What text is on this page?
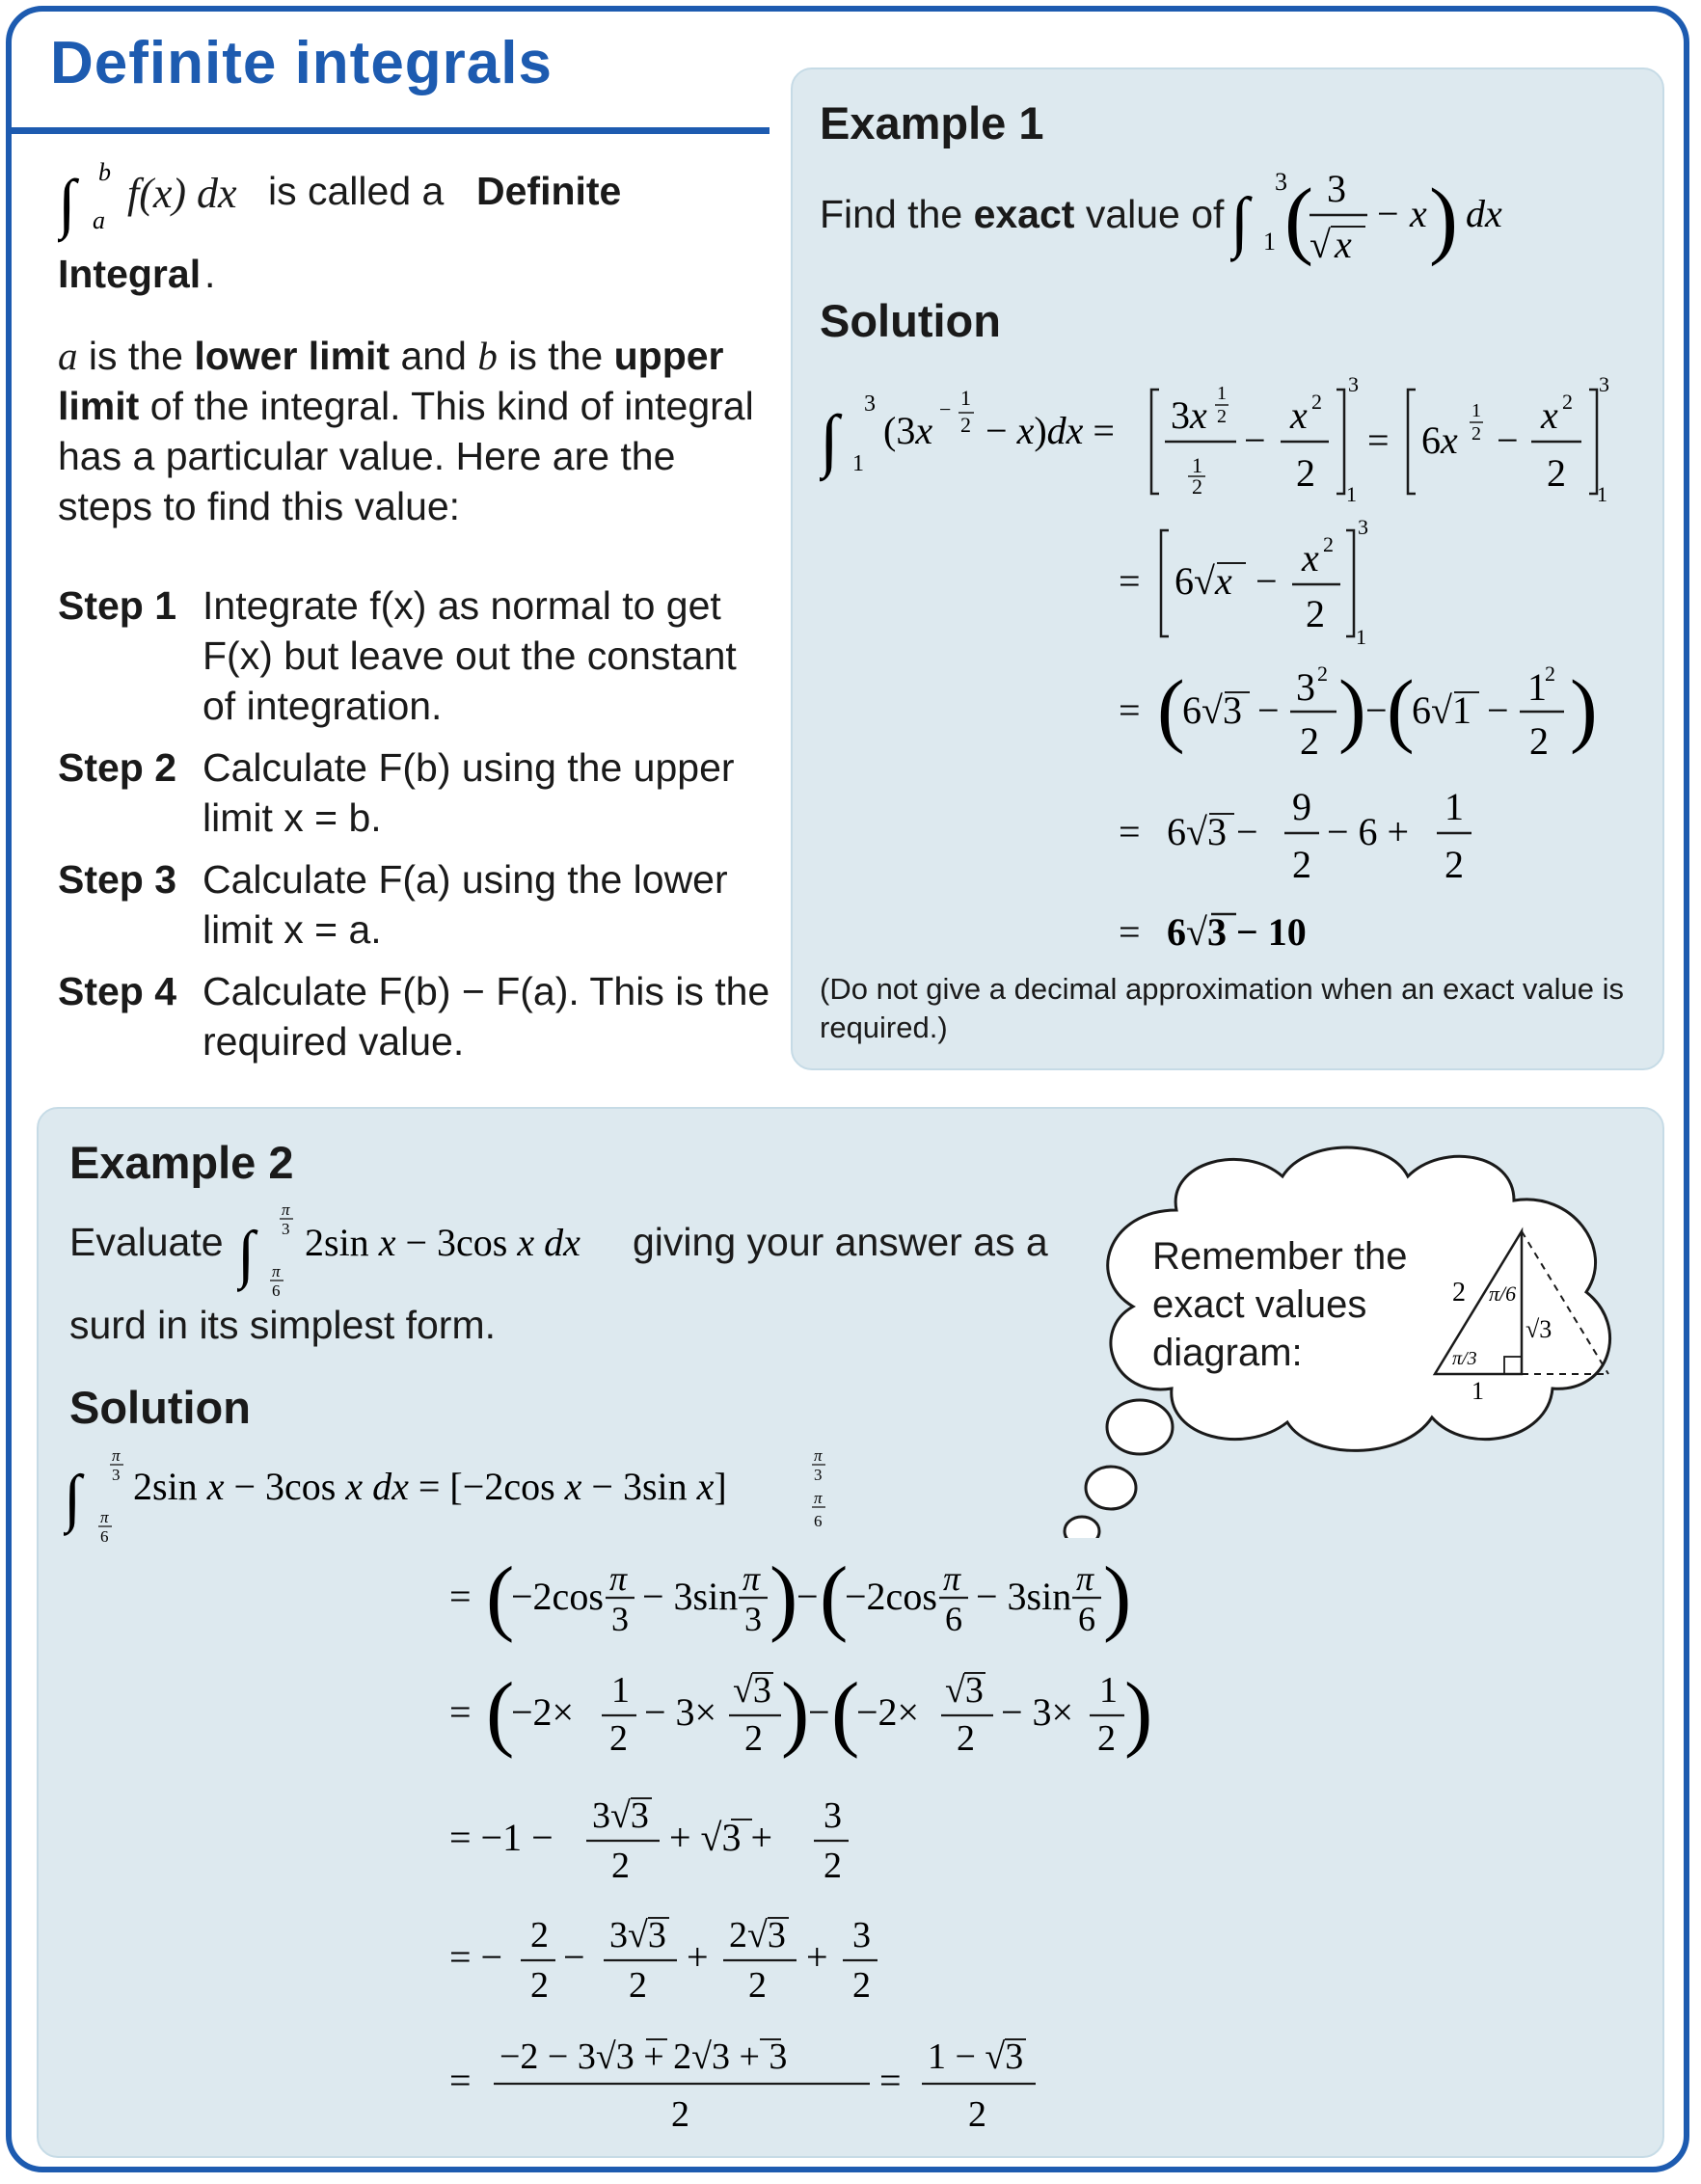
Definite integrals
∫ b
a
f(x) dx is called a Definite
Integral .
a is the lower limit and b is the upper limit of the integral. This kind of integral has a particular value. Here are the steps to find this value:
Step 1 Integrate f(x) as normal to get F(x) but leave out the constant of integration.
Step 2 Calculate F(b) using the upper limit x = b.
Step 3 Calculate F(a) using the lower limit x = a.
Step 4 Calculate F(b) − F(a). This is the required value.
Example 1
Find the exact value of ∫
3
1 ( 3
√ x
− x ) dx
Solution
∫ 3
1
(3x − 1
2 − x)dx = 3x 1
2
1
2
−
x 2
2
3
1
= 6x
1
2 −
x 2
2
3
1
= 6√x −
x 2
2
3
1
= (
6√3 −
3 2
2 ) − (
6√1 −
1
2
2 )
= 6√3 −
9
2
− 6 +
1
2
= 6√3 − 10
(Do not give a decimal approximation when an exact value is required.)
Example 2
Evaluate ∫
π
3
π
6
2sin x − 3cos x dx giving your answer as a
surd in its simplest form.
Solution
∫
π
3
π
6
2sin x − 3cos x dx = [−2cos x − 3sin x]
π
3
π
6
= (
−2cos π
3
− 3sin π
3 )
− (
−2cos π
6
− 3sin π
6 )
= (
−2× 1
2
− 3× √3
2 )
− (
−2× √3
2
− 3× 1
2 )
= −1 − 3√3
2
+ √3 + 3
2
= − 2
2
− 3√3
2
+ 2√3
2
+ 3
2
=
−2 − 3√3 + 2√3 + 3
2
=
1 − √3
2
Remember the exact values diagram:
2 π/6
√3
π/3
1
